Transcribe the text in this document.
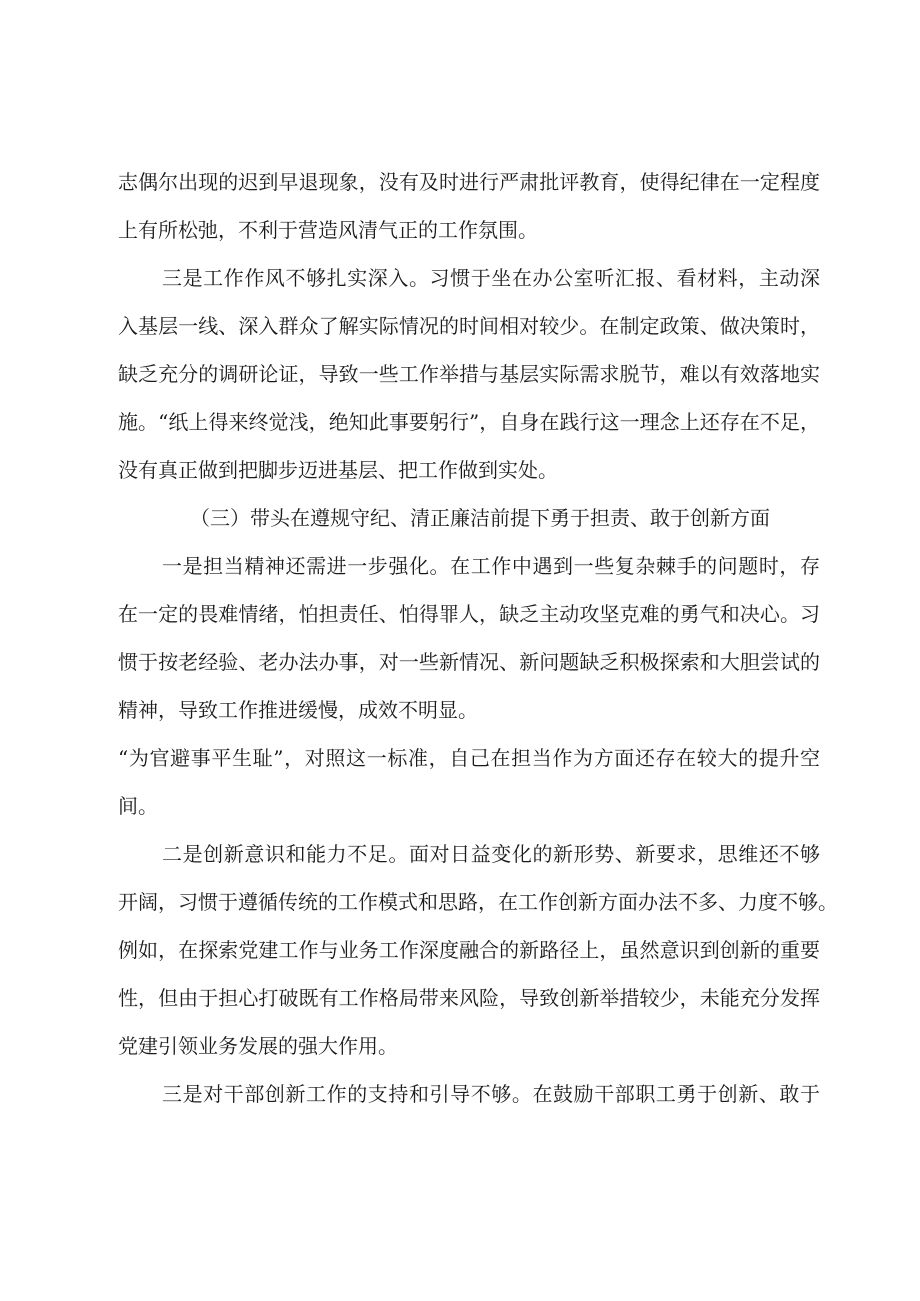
志偶尔出现的迟到早退现象，没有及时进行严肃批评教育，使得纪律在一定程度

上有所松弛，不利于营造风清气正的工作氛围。

三是工作作风不够扎实深入。习惯于坐在办公室听汇报、看材料，主动深

入基层一线、深入群众了解实际情况的时间相对较少。在制定政策、做决策时，

缺乏充分的调研论证，导致一些工作举措与基层实际需求脱节，难以有效落地实

施。“纸上得来终觉浅，绝知此事要躬行”，自身在践行这一理念上还存在不足，

没有真正做到把脚步迈进基层、把工作做到实处。

（三）带头在遵规守纪、清正廉洁前提下勇于担责、敢于创新方面

一是担当精神还需进一步强化。在工作中遇到一些复杂棘手的问题时，存

在一定的畏难情绪，怕担责任、怕得罪人，缺乏主动攻坚克难的勇气和决心。习

惯于按老经验、老办法办事，对一些新情况、新问题缺乏积极探索和大胆尝试的

精神，导致工作推进缓慢，成效不明显。

“为官避事平生耻”，对照这一标准，自己在担当作为方面还存在较大的提升空

间。

二是创新意识和能力不足。面对日益变化的新形势、新要求，思维还不够

开阔，习惯于遵循传统的工作模式和思路，在工作创新方面办法不多、力度不够。

例如，在探索党建工作与业务工作深度融合的新路径上，虽然意识到创新的重要

性，但由于担心打破既有工作格局带来风险，导致创新举措较少，未能充分发挥

党建引领业务发展的强大作用。

三是对干部创新工作的支持和引导不够。在鼓励干部职工勇于创新、敢于
